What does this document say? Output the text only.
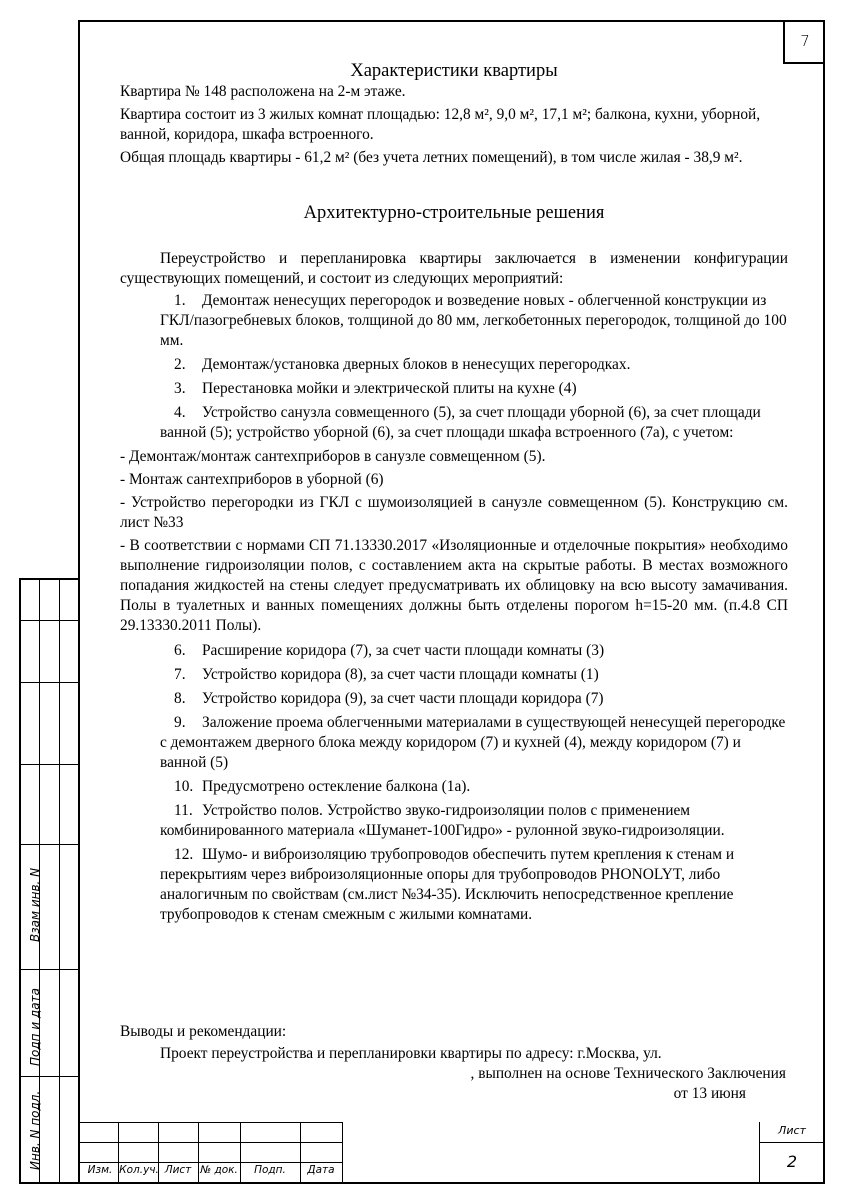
7
Характеристики квартиры
Квартира № 148 расположена на 2-м этаже.
Квартира состоит из 3 жилых комнат площадью: 12,8 м², 9,0 м², 17,1 м²; балкона, кухни, уборной, ванной, коридора, шкафа встроенного.
Общая площадь квартиры - 61,2 м² (без учета летних помещений), в том числе жилая - 38,9 м².
Архитектурно-строительные решения
Переустройство и перепланировка квартиры заключается в изменении конфигурации существующих помещений, и состоит из следующих мероприятий:
1. Демонтаж ненесущих перегородок и возведение новых - облегченной конструкции из ГКЛ/пазогребневых блоков, толщиной до 80 мм, легкобетонных перегородок, толщиной до 100 мм.
2. Демонтаж/установка дверных блоков в ненесущих перегородках.
3. Перестановка мойки и электрической плиты на кухне (4)
4. Устройство санузла совмещенного (5), за счет площади уборной (6), за счет площади ванной (5); устройство уборной (6), за счет площади шкафа встроенного (7а), с учетом:
- Демонтаж/монтаж сантехприборов в санузле совмещенном (5).
- Монтаж сантехприборов в уборной (6)
- Устройство перегородки из ГКЛ с шумоизоляцией в санузле совмещенном (5). Конструкцию см. лист №33
- В соответствии с нормами СП 71.13330.2017 «Изоляционные и отделочные покрытия» необходимо выполнение гидроизоляции полов, с составлением акта на скрытые работы. В местах возможного попадания жидкостей на стены следует предусматривать их облицовку на всю высоту замачивания. Полы в туалетных и ванных помещениях должны быть отделены порогом h=15-20 мм. (п.4.8 СП 29.13330.2011 Полы).
6. Расширение коридора (7), за счет части площади комнаты (3)
7. Устройство коридора (8), за счет части площади комнаты (1)
8. Устройство коридора (9), за счет части площади коридора (7)
9. Заложение проема облегченными материалами в существующей ненесущей перегородке с демонтажем дверного блока между коридором (7) и кухней (4), между коридором (7) и ванной (5)
10. Предусмотрено остекление балкона (1а).
11. Устройство полов. Устройство звуко-гидроизоляции полов с применением комбинированного материала «Шуманет-100Гидро» - рулонной звуко-гидроизоляции.
12. Шумо- и виброизоляцию трубопроводов обеспечить путем крепления к стенам и перекрытиям через виброизоляционные опоры для трубопроводов PHONOLYT, либо аналогичным по свойствам (см.лист №34-35). Исключить непосредственное крепление трубопроводов к стенам смежным с жилыми комнатами.
Выводы и рекомендации:
Проект переустройства и перепланировки квартиры по адресу: г.Москва, ул.
, выполнен на основе Технического Заключения
от 13 июня
Взам инв. N
Подп и дата
Инв. N подл.
Изм. Кол.уч. Лист № док.	Подп.	Дата
Лист
2
